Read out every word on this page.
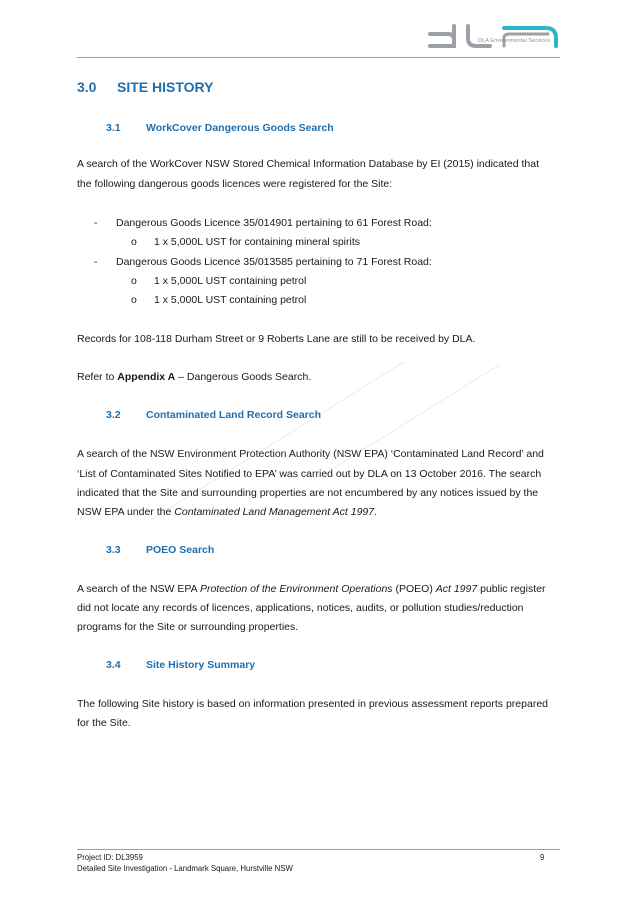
DLA Environmental Services
3.0 SITE HISTORY
3.1 WorkCover Dangerous Goods Search
A search of the WorkCover NSW Stored Chemical Information Database by EI (2015) indicated that
the following dangerous goods licences were registered for the Site:
- Dangerous Goods Licence 35/014901 pertaining to 61 Forest Road:
o 1 x 5,000L UST for containing mineral spirits
- Dangerous Goods Licence 35/013585 pertaining to 71 Forest Road:
o 1 x 5,000L UST containing petrol
o 1 x 5,000L UST containing petrol
Records for 108-118 Durham Street or 9 Roberts Lane are still to be received by DLA.
Refer to Appendix A – Dangerous Goods Search.
3.2 Contaminated Land Record Search
A search of the NSW Environment Protection Authority (NSW EPA) ‘Contaminated Land Record’ and
‘List of Contaminated Sites Notified to EPA’ was carried out by DLA on 13 October 2016. The search
indicated that the Site and surrounding properties are not encumbered by any notices issued by the
NSW EPA under the Contaminated Land Management Act 1997.
3.3 POEO Search
A search of the NSW EPA Protection of the Environment Operations (POEO) Act 1997 public register
did not locate any records of licences, applications, notices, audits, or pollution studies/reduction
programs for the Site or surrounding properties.
3.4 Site History Summary
The following Site history is based on information presented in previous assessment reports prepared
for the Site.
Project ID: DL3959
Detailed Site Investigation - Landmark Square, Hurstville NSW
9
